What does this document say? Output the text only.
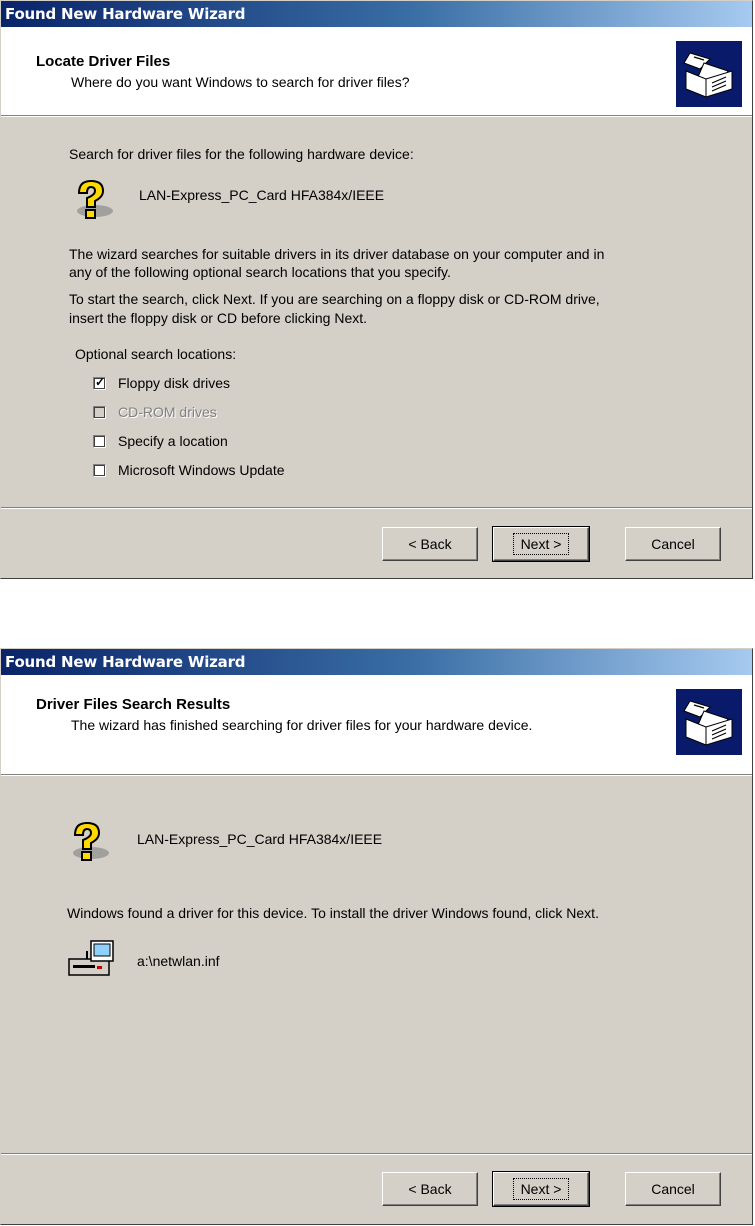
Found New Hardware Wizard
Locate Driver Files
Where do you want Windows to search for driver files?
Search for driver files for the following hardware device:
LAN-Express_PC_Card HFA384x/IEEE
The wizard searches for suitable drivers in its driver database on your computer and in
any of the following optional search locations that you specify.
To start the search, click Next. If you are searching on a floppy disk or CD-ROM drive,
insert the floppy disk or CD before clicking Next.
Optional search locations:
✓ Floppy disk drives
CD-ROM drives
Specify a location
Microsoft Windows Update
< Back	Next >	Cancel
Found New Hardware Wizard
Driver Files Search Results
The wizard has finished searching for driver files for your hardware device.
LAN-Express_PC_Card HFA384x/IEEE
Windows found a driver for this device. To install the driver Windows found, click Next.
a:\netwlan.inf
< Back	Next >	Cancel
